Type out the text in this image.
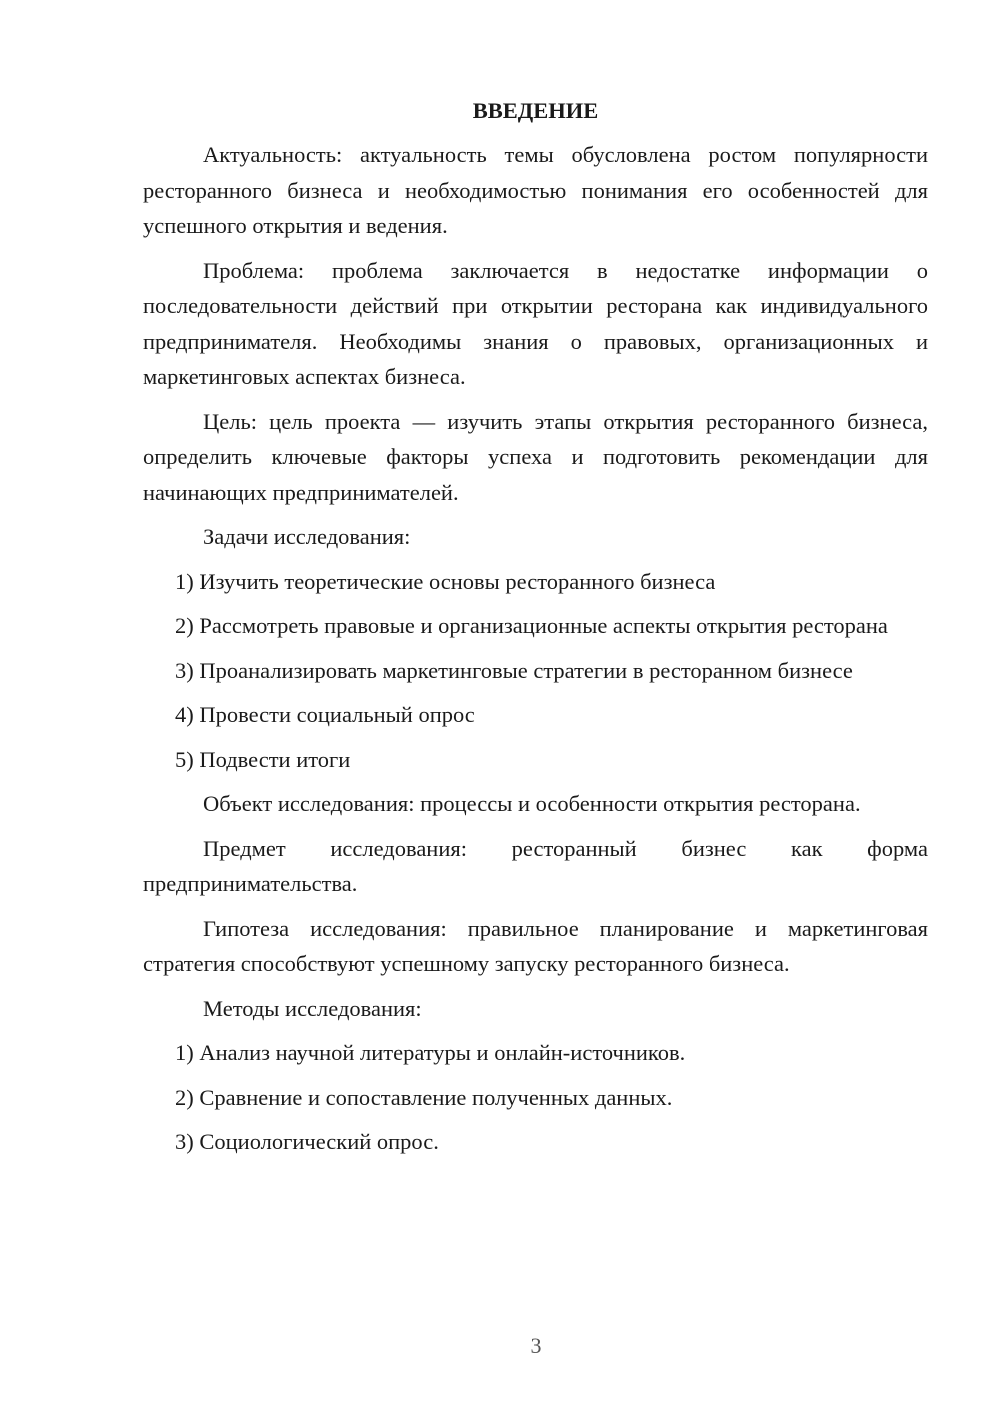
ВВЕДЕНИЕ

Актуальность: актуальность темы обусловлена ростом популярности ресторанного бизнеса и необходимостью понимания его особенностей для успешного открытия и ведения.

Проблема: проблема заключается в недостатке информации о последовательности действий при открытии ресторана как индивидуального предпринимателя. Необходимы знания о правовых, организационных и маркетинговых аспектах бизнеса.

Цель: цель проекта — изучить этапы открытия ресторанного бизнеса, определить ключевые факторы успеха и подготовить рекомендации для начинающих предпринимателей.

Задачи исследования:

1) Изучить теоретические основы ресторанного бизнеса

2) Рассмотреть правовые и организационные аспекты открытия ресторана

3) Проанализировать маркетинговые стратегии в ресторанном бизнесе

4) Провести социальный опрос

5) Подвести итоги

Объект исследования: процессы и особенности открытия ресторана.

Предмет исследования: ресторанный бизнес как форма предпринимательства.

Гипотеза исследования: правильное планирование и маркетинговая стратегия способствуют успешному запуску ресторанного бизнеса.

Методы исследования:

1) Анализ научной литературы и онлайн-источников.

2) Сравнение и сопоставление полученных данных.

3) Социологический опрос.

3
